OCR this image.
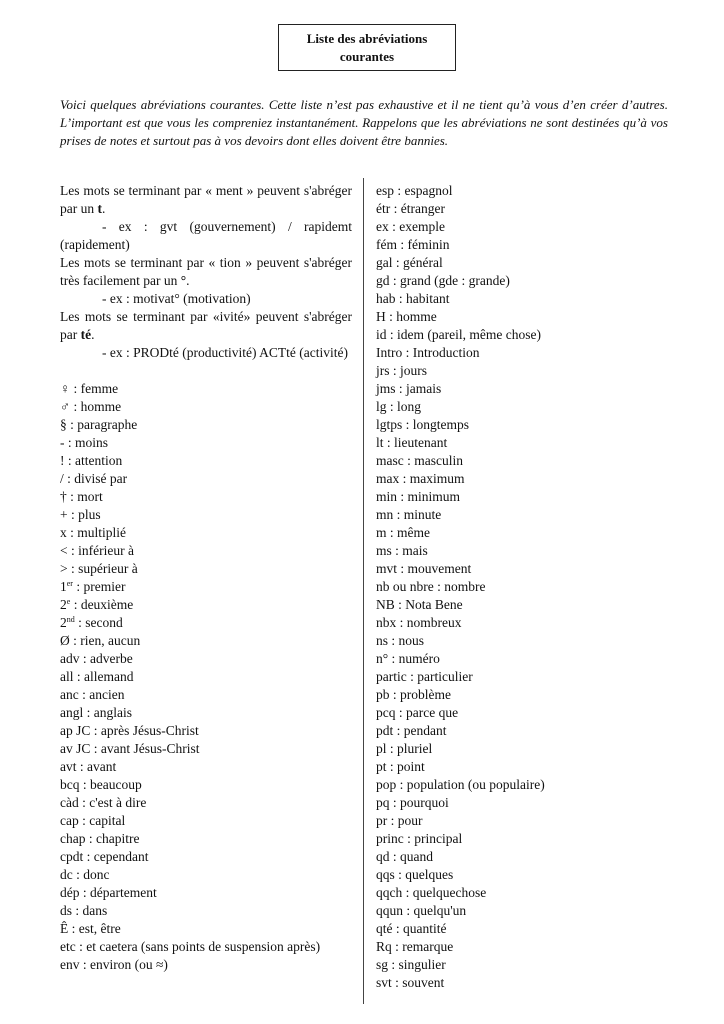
Liste des abréviations
courantes
Voici quelques abréviations courantes. Cette liste n’est pas exhaustive et il ne tient qu’à vous d’en créer d’autres. L’important est que vous les compreniez instantanément. Rappelons que les abréviations ne sont destinées qu’à vos prises de notes et surtout pas à vos devoirs dont elles doivent être bannies.
Les mots se terminant par « ment » peuvent s'abréger par un t.
- ex : gvt (gouvernement) / rapidemt (rapidement)
Les mots se terminant par « tion » peuvent s'abréger très facilement par un °.
- ex : motivat° (motivation)
Les mots se terminant par «ivité» peuvent s'abréger par té.
- ex : PRODté (productivité) ACTté (activité)
♀ : femme
♂ : homme
§ : paragraphe
- : moins
! : attention
/ : divisé par
† : mort
+ : plus
x : multiplié
< : inférieur à
> : supérieur à
1er : premier
2e : deuxième
2nd : second
Ø : rien, aucun
adv : adverbe
all : allemand
anc : ancien
angl : anglais
ap JC : après Jésus-Christ
av JC : avant Jésus-Christ
avt : avant
bcq : beaucoup
càd : c'est à dire
cap : capital
chap : chapitre
cpdt : cependant
dc : donc
dép : département
ds : dans
Ê : est, être
etc : et caetera (sans points de suspension après)
env : environ (ou ≈)
esp : espagnol
étr : étranger
ex : exemple
fém : féminin
gal : général
gd : grand (gde : grande)
hab : habitant
H : homme
id : idem (pareil, même chose)
Intro : Introduction
jrs : jours
jms : jamais
lg : long
lgtps : longtemps
lt : lieutenant
masc : masculin
max : maximum
min : minimum
mn : minute
m : même
ms : mais
mvt : mouvement
nb ou nbre : nombre
NB : Nota Bene
nbx : nombreux
ns : nous
n° : numéro
partic : particulier
pb : problème
pcq : parce que
pdt : pendant
pl : pluriel
pt : point
pop : population (ou populaire)
pq : pourquoi
pr : pour
princ : principal
qd : quand
qqs : quelques
qqch : quelquechose
qqun : quelqu'un
qté : quantité
Rq : remarque
sg : singulier
svt : souvent
